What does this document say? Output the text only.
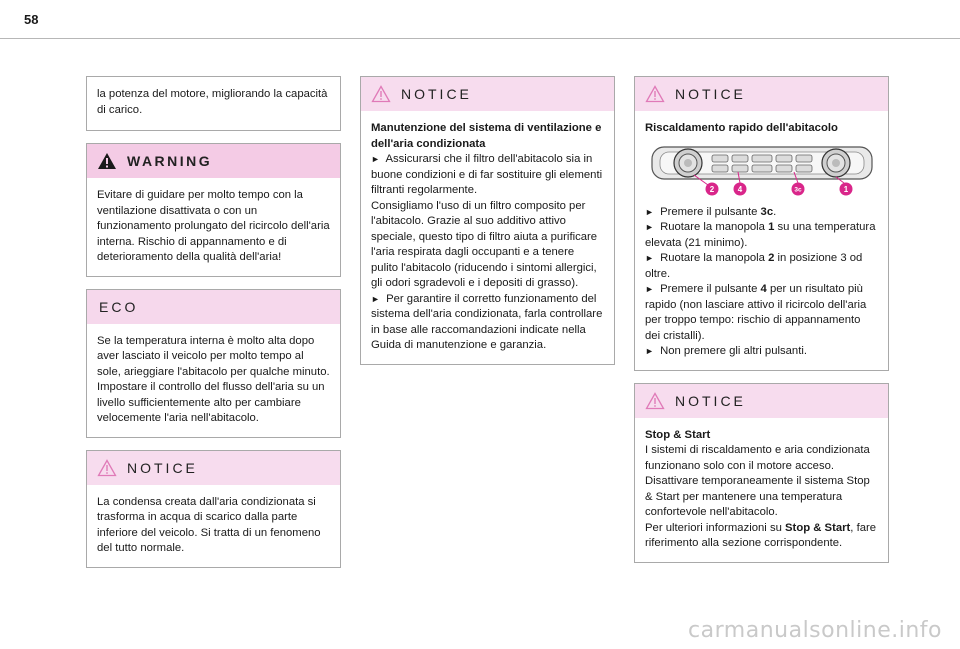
58
la potenza del motore, migliorando la capacità di carico.
WARNING

Evitare di guidare per molto tempo con la ventilazione disattivata o con un funzionamento prolungato del ricircolo dell'aria interna. Rischio di appannamento e di deterioramento della qualità dell'aria!

ECO

Se la temperatura interna è molto alta dopo aver lasciato il veicolo per molto tempo al sole, arieggiare l'abitacolo per qualche minuto.

Impostare il controllo del flusso dell'aria su un livello sufficientemente alto per cambiare velocemente l'aria nell'abitacolo.

NOTICE

La condensa creata dall'aria condizionata si trasforma in acqua di scarico dalla parte inferiore del veicolo. Si tratta di un fenomeno del tutto normale.

NOTICE

Manutenzione del sistema di ventilazione e dell'aria condizionata

► Assicurarsi che il filtro dell'abitacolo sia in buone condizioni e di far sostituire gli elementi filtranti regolarmente.

Consigliamo l'uso di un filtro composito per l'abitacolo. Grazie al suo additivo attivo speciale, questo tipo di filtro aiuta a purificare l'aria respirata dagli occupanti e a tenere pulito l'abitacolo (riducendo i sintomi allergici, gli odori sgradevoli e i depositi di grasso).

► Per garantire il corretto funzionamento del sistema dell'aria condizionata, farla controllare in base alle raccomandazioni indicate nella Guida di manutenzione e garanzia.

NOTICE

Riscaldamento rapido dell'abitacolo

2	4	3c	1

► Premere il pulsante 3c.

► Ruotare la manopola 1 su una temperatura elevata (21 minimo).

► Ruotare la manopola 2 in posizione 3 od oltre.

► Premere il pulsante 4 per un risultato più rapido (non lasciare attivo il ricircolo dell'aria per troppo tempo: rischio di appannamento dei cristalli).

► Non premere gli altri pulsanti.

NOTICE

Stop & Start

I sistemi di riscaldamento e aria condizionata funzionano solo con il motore acceso. Disattivare temporaneamente il sistema Stop & Start per mantenere una temperatura confortevole nell'abitacolo.

Per ulteriori informazioni su Stop & Start, fare riferimento alla sezione corrispondente.

carmanualsonline.info
